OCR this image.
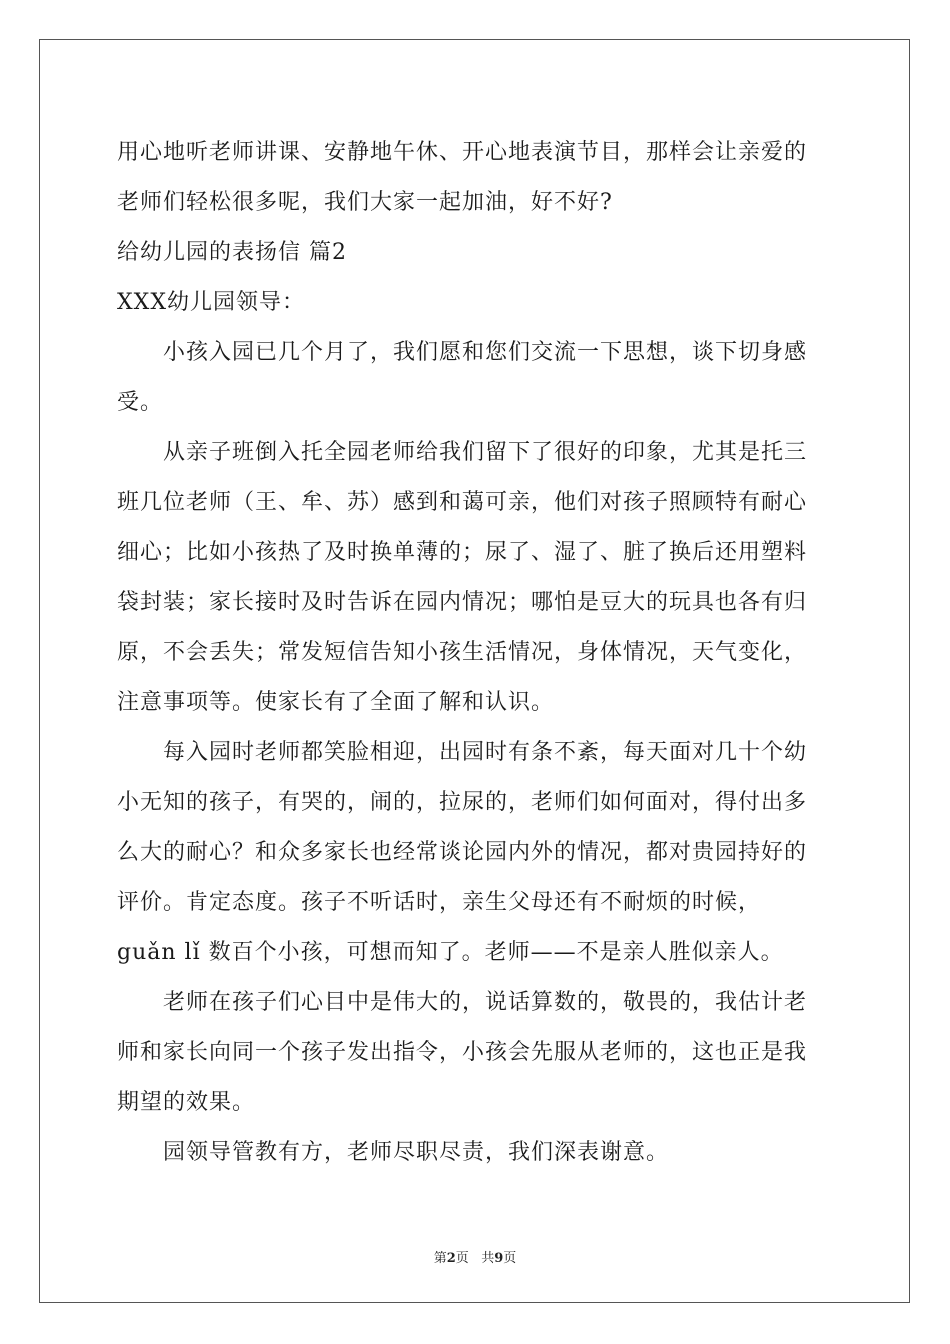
用心地听老师讲课、安静地午休、开心地表演节目，那样会让亲爱的
老师们轻松很多呢，我们大家一起加油，好不好?
给幼儿园的表扬信 篇2
XXX幼儿园领导：
小孩入园已几个月了，我们愿和您们交流一下思想，谈下切身感
受。
从亲子班倒入托全园老师给我们留下了很好的印象，尤其是托三
班几位老师（王、牟、苏）感到和蔼可亲，他们对孩子照顾特有耐心
细心；比如小孩热了及时换单薄的；尿了、湿了、脏了换后还用塑料
袋封装；家长接时及时告诉在园内情况；哪怕是豆大的玩具也各有归
原，不会丢失；常发短信告知小孩生活情况，身体情况，天气变化，
注意事项等。使家长有了全面了解和认识。
每入园时老师都笑脸相迎，出园时有条不紊，每天面对几十个幼
小无知的孩子，有哭的，闹的，拉尿的，老师们如何面对，得付出多
么大的耐心？和众多家长也经常谈论园内外的情况，都对贵园持好的
评价。肯定态度。孩子不听话时，亲生父母还有不耐烦的时候，
guǎn lǐ 数百个小孩，可想而知了。老师——不是亲人胜似亲人。
老师在孩子们心目中是伟大的，说话算数的，敬畏的，我估计老
师和家长向同一个孩子发出指令，小孩会先服从老师的，这也正是我
期望的效果。
园领导管教有方，老师尽职尽责，我们深表谢意。
第2页   共9页
